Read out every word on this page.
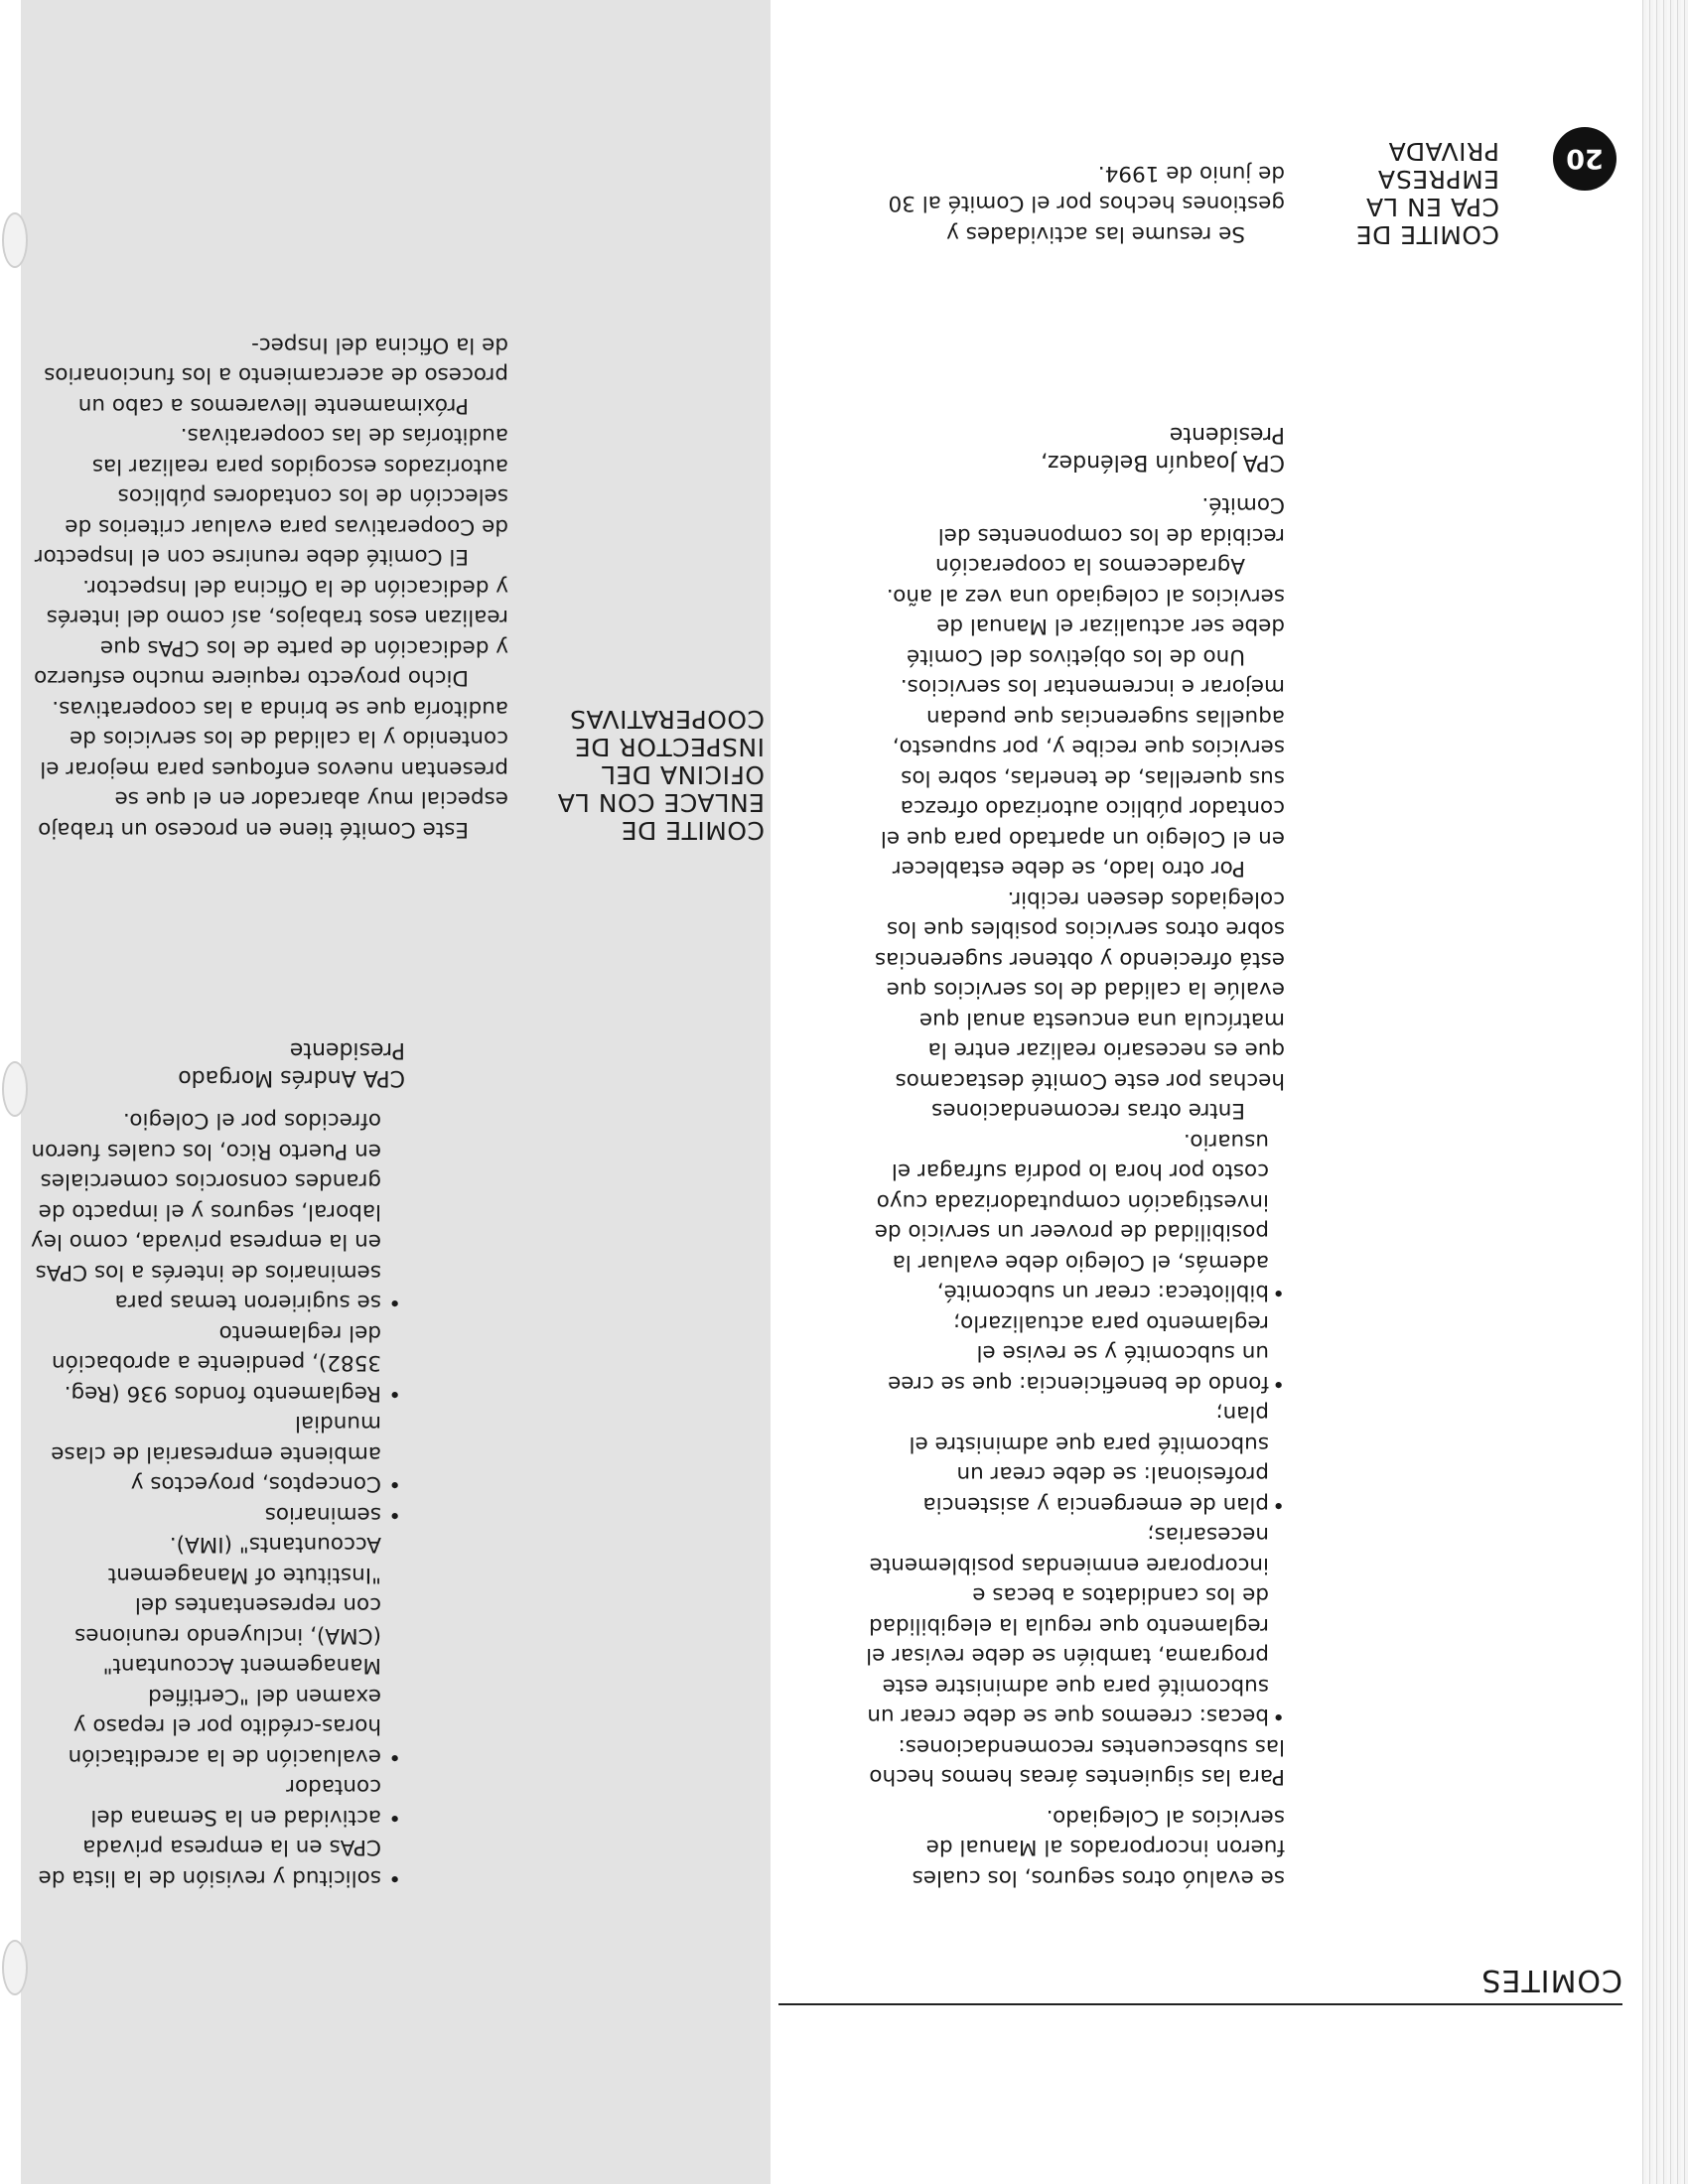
COMITES

se evaluó otros seguros, los cuales fueron incorporados al Manual de servicios al Colegiado.

Para las siguientes áreas hemos hecho las subsecuentes recomendaciones:

• becas: creemos que se debe crear un subcomité para que administre este programa, también se debe revisar el reglamento que regula la elegibilidad de los candidatos a becas e incorporare enmiendas posiblemente necesarias;

• plan de emergencia y asistencia profesional: se debe crear un subcomité para que administre el plan;

• fondo de beneficiencia: que se cree un subcomité y se revise el reglamento para actualizarlo;

• biblioteca: crear un subcomité, además, el Colegio debe evaluar la posibilidad de proveer un servicio de investigación computadorizada cuyo costo por hora lo podría sufragar el usuario.

Entre otras recomendaciones hechas por este Comité destacamos que es necesario realizar entre la matrícula una encuesta anual que evalúe la calidad de los servicios que está ofreciendo y obtener sugerencias sobre otros servicios posibles que los colegiados deseen recibir.

Por otro lado, se debe establecer en el Colegio un apartado para que el contador público autorizado ofrezca sus querellas, de tenerlas, sobre los servicios que recibe y, por supuesto, aquellas sugerencias que puedan mejorar e incrementar los servicios.

Uno de los objetivos del Comité debe ser actualizar el Manual de servicios al colegiado una vez al año.

Agradecemos la cooperación recibida de los componentes del Comité.

CPA Joaquín Beléndez,
Presidente
20
COMITE DE CPA EN LA EMPRESA PRIVADA
Se resume las actividades y gestiones hechos por el Comité al 30 de junio de 1994.
COMITE DE ENLACE CON LA OFICINA DEL INSPECTOR DE COOPERATIVAS

Este Comité tiene en proceso un trabajo especial muy abarcador en el que se presentan nuevos enfoques para mejorar el contenido y la calidad de los servicios de auditoría que se brinda a las cooperativas.

Dicho proyecto requiere mucho esfuerzo y dedicación de parte de los CPAs que realizan esos trabajos, así como del interés y dedicación de la Oficina del Inspector.

El Comité debe reunirse con el Inspector de Cooperativas para evaluar criterios de selección de los contadores públicos autorizados escogidos para realizar las auditorías de las cooperativas.

Próximamente llevaremos a cabo un proceso de acercamiento a los funcionarios de la Oficina del Inspec-

• solicitud y revisión de la lista de CPAs en la empresa privada
• actividad en la Semana del contador
• evaluación de la acreditación horas-crédito por el repaso y examen del "Certified Management Accountant" (CMA), incluyendo reuniones con representantes del "Institute of Management Accountants" (IMA).
• seminarios
• Conceptos, proyectos y ambiente empresarial de clase mundial
• Reglamento fondos 936 (Reg. 3582), pendiente a aprobación del reglamento
• se sugirieron temas para seminarios de interés a los CPAs en la empresa privada, como ley laboral, seguros y el impacto de grandes consorcios comerciales en Puerto Rico, los cuales fueron ofrecidos por el Colegio.
CPA Andrés Morgado
Presidente
